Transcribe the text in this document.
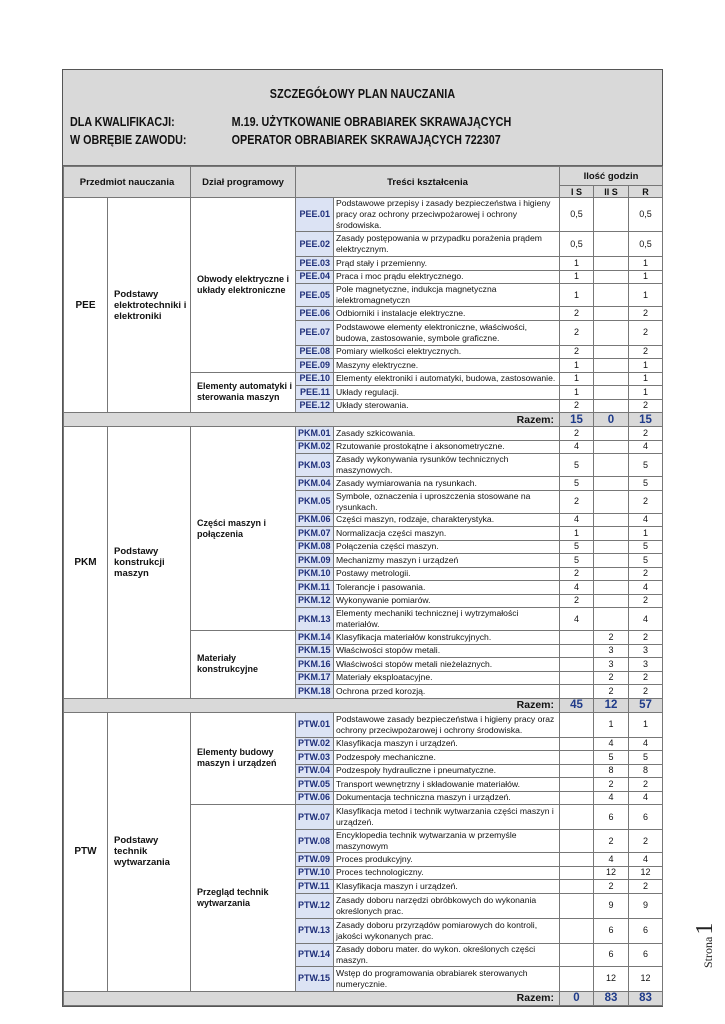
SZCZEGÓŁOWY PLAN NAUCZANIA
DLA KWALIFIKACJI:	M.19. UŻYTKOWANIE OBRABIAREK SKRAWAJĄCYCH
W OBRĘBIE ZAWODU:	OPERATOR OBRABIAREK SKRAWAJĄCYCH 722307
Przedmiot nauczania		Dział programowy	Treści kształcenia		Ilość godzin		
					I S	II S	R
PEE	Podstawy elektrotechniki i elektroniki	Obwody elektryczne i układy elektroniczne	PEE.01	Podstawowe przepisy i zasady bezpieczeństwa i higieny pracy oraz ochrony przeciwpożarowej i ochrony środowiska.	0,5		0,5
			PEE.02	Zasady postępowania w przypadku porażenia prądem elektrycznym.	0,5		0,5
			PEE.03	Prąd stały i przemienny.	1		1
			PEE.04	Praca i moc prądu elektrycznego.	1		1
			PEE.05	Pole magnetyczne, indukcja magnetyczna ielektromagnetyczn	1		1
			PEE.06	Odbiorniki i instalacje elektryczne.	2		2
			PEE.07	Podstawowe elementy elektroniczne, właściwości, budowa, zastosowanie, symbole graficzne.	2		2
			PEE.08	Pomiary wielkości elektrycznych.	2		2
			PEE.09	Maszyny elektryczne.	1		1
		Elementy automatyki i sterowania maszyn	PEE.10	Elementy elektroniki i automatyki, budowa, zastosowanie.	1		1
			PEE.11	Układy regulacji.	1		1
			PEE.12	Układy sterowania.	2		2
Razem:					15	0	15
PKM	Podstawy konstrukcji maszyn	Części maszyn i połączenia	PKM.01	Zasady szkicowania.	2		2
			PKM.02	Rzutowanie prostokątne i aksonometryczne.	4		4
			PKM.03	Zasady wykonywania rysunków technicznych maszynowych.	5		5
			PKM.04	Zasady wymiarowania na rysunkach.	5		5
			PKM.05	Symbole, oznaczenia i uproszczenia stosowane na rysunkach.	2		2
			PKM.06	Części maszyn, rodzaje, charakterystyka.	4		4
			PKM.07	Normalizacja części maszyn.	1		1
			PKM.08	Połączenia części maszyn.	5		5
			PKM.09	Mechanizmy maszyn i urządzeń	5		5
			PKM.10	Postawy metrologii.	2		2
			PKM.11	Tolerancje i pasowania.	4		4
			PKM.12	Wykonywanie pomiarów.	2		2
			PKM.13	Elementy mechaniki technicznej i wytrzymałości materiałów.	4		4
		Materiały konstrukcyjne	PKM.14	Klasyfikacja materiałów konstrukcyjnych.		2	2
			PKM.15	Właściwości stopów metali.		3	3
			PKM.16	Właściwości stopów metali nieżelaznych.		3	3
			PKM.17	Materiały eksploatacyjne.		2	2
			PKM.18	Ochrona przed korozją.		2	2
Razem:					45	12	57
PTW	Podstawy technik wytwarzania	Elementy budowy maszyn i urządzeń	PTW.01	Podstawowe zasady bezpieczeństwa i higieny pracy oraz ochrony przeciwpożarowej i ochrony środowiska.		1	1
			PTW.02	Klasyfikacja maszyn i urządzeń.		4	4
			PTW.03	Podzespoły mechaniczne.		5	5
			PTW.04	Podzespoły hydrauliczne i pneumatyczne.		8	8
			PTW.05	Transport wewnętrzny i składowanie materiałów.		2	2
			PTW.06	Dokumentacja techniczna maszyn i urządzeń.		4	4
		Przegląd technik wytwarzania	PTW.07	Klasyfikacja metod i technik wytwarzania części maszyn i urządzeń.		6	6
			PTW.08	Encyklopedia technik wytwarzania w przemyśle maszynowym		2	2
			PTW.09	Proces produkcyjny.		4	4
			PTW.10	Proces technologiczny.		12	12
			PTW.11	Klasyfikacja maszyn i urządzeń.		2	2
			PTW.12	Zasady doboru narzędzi obróbkowych do wykonania określonych prac.		9	9
			PTW.13	Zasady doboru przyrządów pomiarowych do kontroli, jakości wykonanych prac.		6	6
			PTW.14	Zasady doboru mater. do wykon. określonych części maszyn.		6	6
			PTW.15	Wstęp do programowania obrabiarek sterowanych numerycznie.		12	12
Razem:					0	83	83
Strona1
